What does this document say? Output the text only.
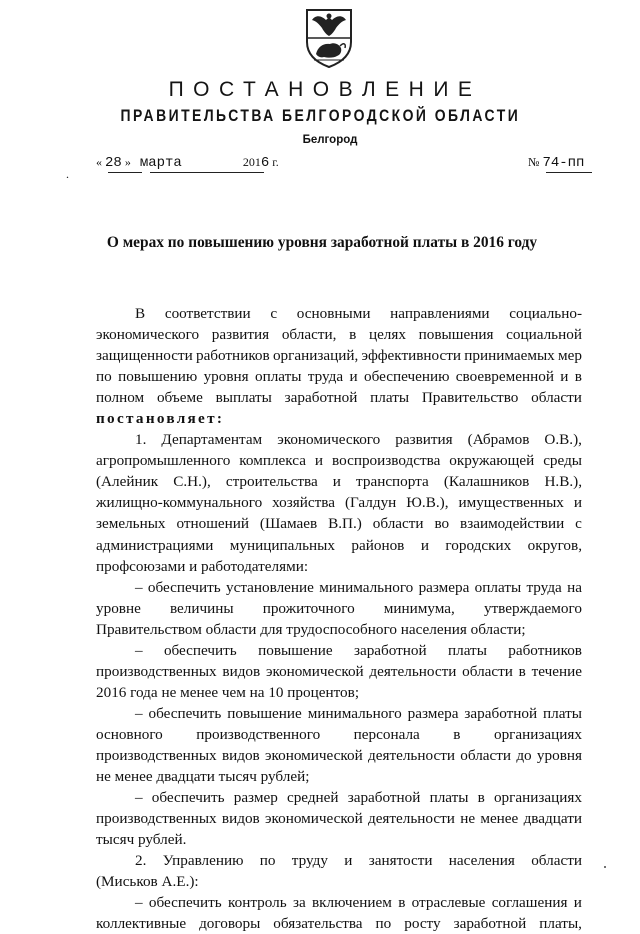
ПОСТАНОВЛЕНИЕ
ПРАВИТЕЛЬСТВА БЕЛГОРОДСКОЙ ОБЛАСТИ
Белгород
.
« 28 » марта	2016 г.	№ 74-пп
О мерах по повышению уровня заработной платы в 2016 году
В соответствии с основными направлениями социально-
экономического развития области, в целях повышения социальной
защищенности работников организаций, эффективности принимаемых мер
по повышению уровня оплаты труда и обеспечению своевременной и в
полном объеме выплаты заработной платы Правительство области
постановляет:
1. Департаментам экономического развития (Абрамов О.В.),
агропромышленного комплекса и воспроизводства окружающей среды
(Алейник С.Н.), строительства и транспорта (Калашников Н.В.),
жилищно-коммунального хозяйства (Галдун Ю.В.), имущественных и
земельных отношений (Шамаев В.П.) области во взаимодействии с
администрациями муниципальных районов и городских округов,
профсоюзами и работодателями:
– обеспечить установление минимального размера оплаты труда на
уровне величины прожиточного минимума, утверждаемого
Правительством области для трудоспособного населения области;
– обеспечить повышение заработной платы работников
производственных видов экономической деятельности области в течение
2016 года не менее чем на 10 процентов;
– обеспечить повышение минимального размера заработной платы
основного производственного персонала в организациях
производственных видов экономической деятельности области до уровня
не менее двадцати тысяч рублей;
– обеспечить размер средней заработной платы в организациях
производственных видов экономической деятельности не менее двадцати
тысяч рублей.
2. Управлению по труду и занятости населения области
(Миськов А.Е.):
– обеспечить контроль за включением в отраслевые соглашения и
коллективные договоры обязательства по росту заработной платы,
